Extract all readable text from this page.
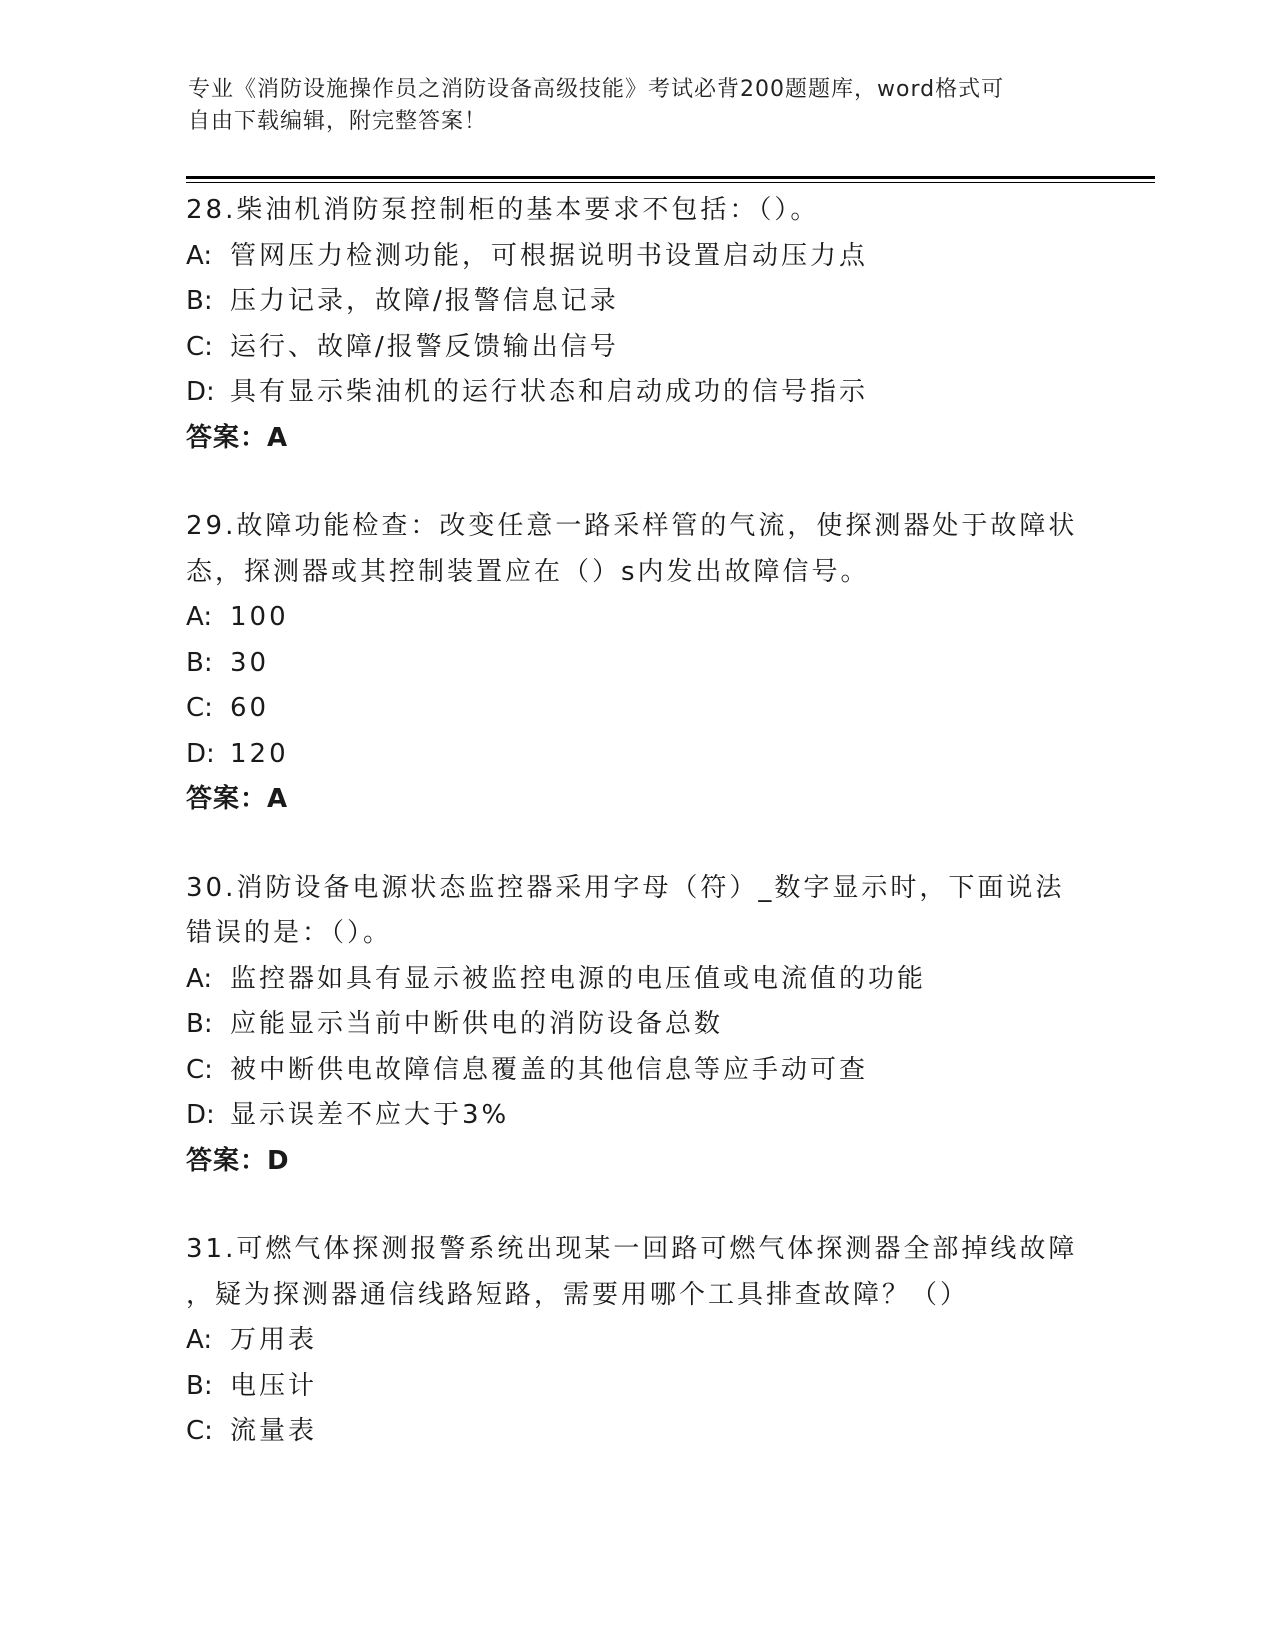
专业《消防设施操作员之消防设备高级技能》考试必背200题题库，word格式可
自由下载编辑，附完整答案！
28.柴油机消防泵控制柜的基本要求不包括：（）。
A: 管网压力检测功能，可根据说明书设置启动压力点
B: 压力记录，故障/报警信息记录
C: 运行、故障/报警反馈输出信号
D: 具有显示柴油机的运行状态和启动成功的信号指示
答案：A
29.故障功能检查：改变任意一路采样管的气流，使探测器处于故障状
态，探测器或其控制装置应在（）s内发出故障信号。
A: 100
B: 30
C: 60
D: 120
答案：A
30.消防设备电源状态监控器采用字母（符）_数字显示时，下面说法
错误的是：（）。
A: 监控器如具有显示被监控电源的电压值或电流值的功能
B: 应能显示当前中断供电的消防设备总数
C: 被中断供电故障信息覆盖的其他信息等应手动可查
D: 显示误差不应大于3%
答案：D
31.可燃气体探测报警系统出现某一回路可燃气体探测器全部掉线故障
，疑为探测器通信线路短路，需要用哪个工具排查故障？（）
A: 万用表
B: 电压计
C: 流量表
